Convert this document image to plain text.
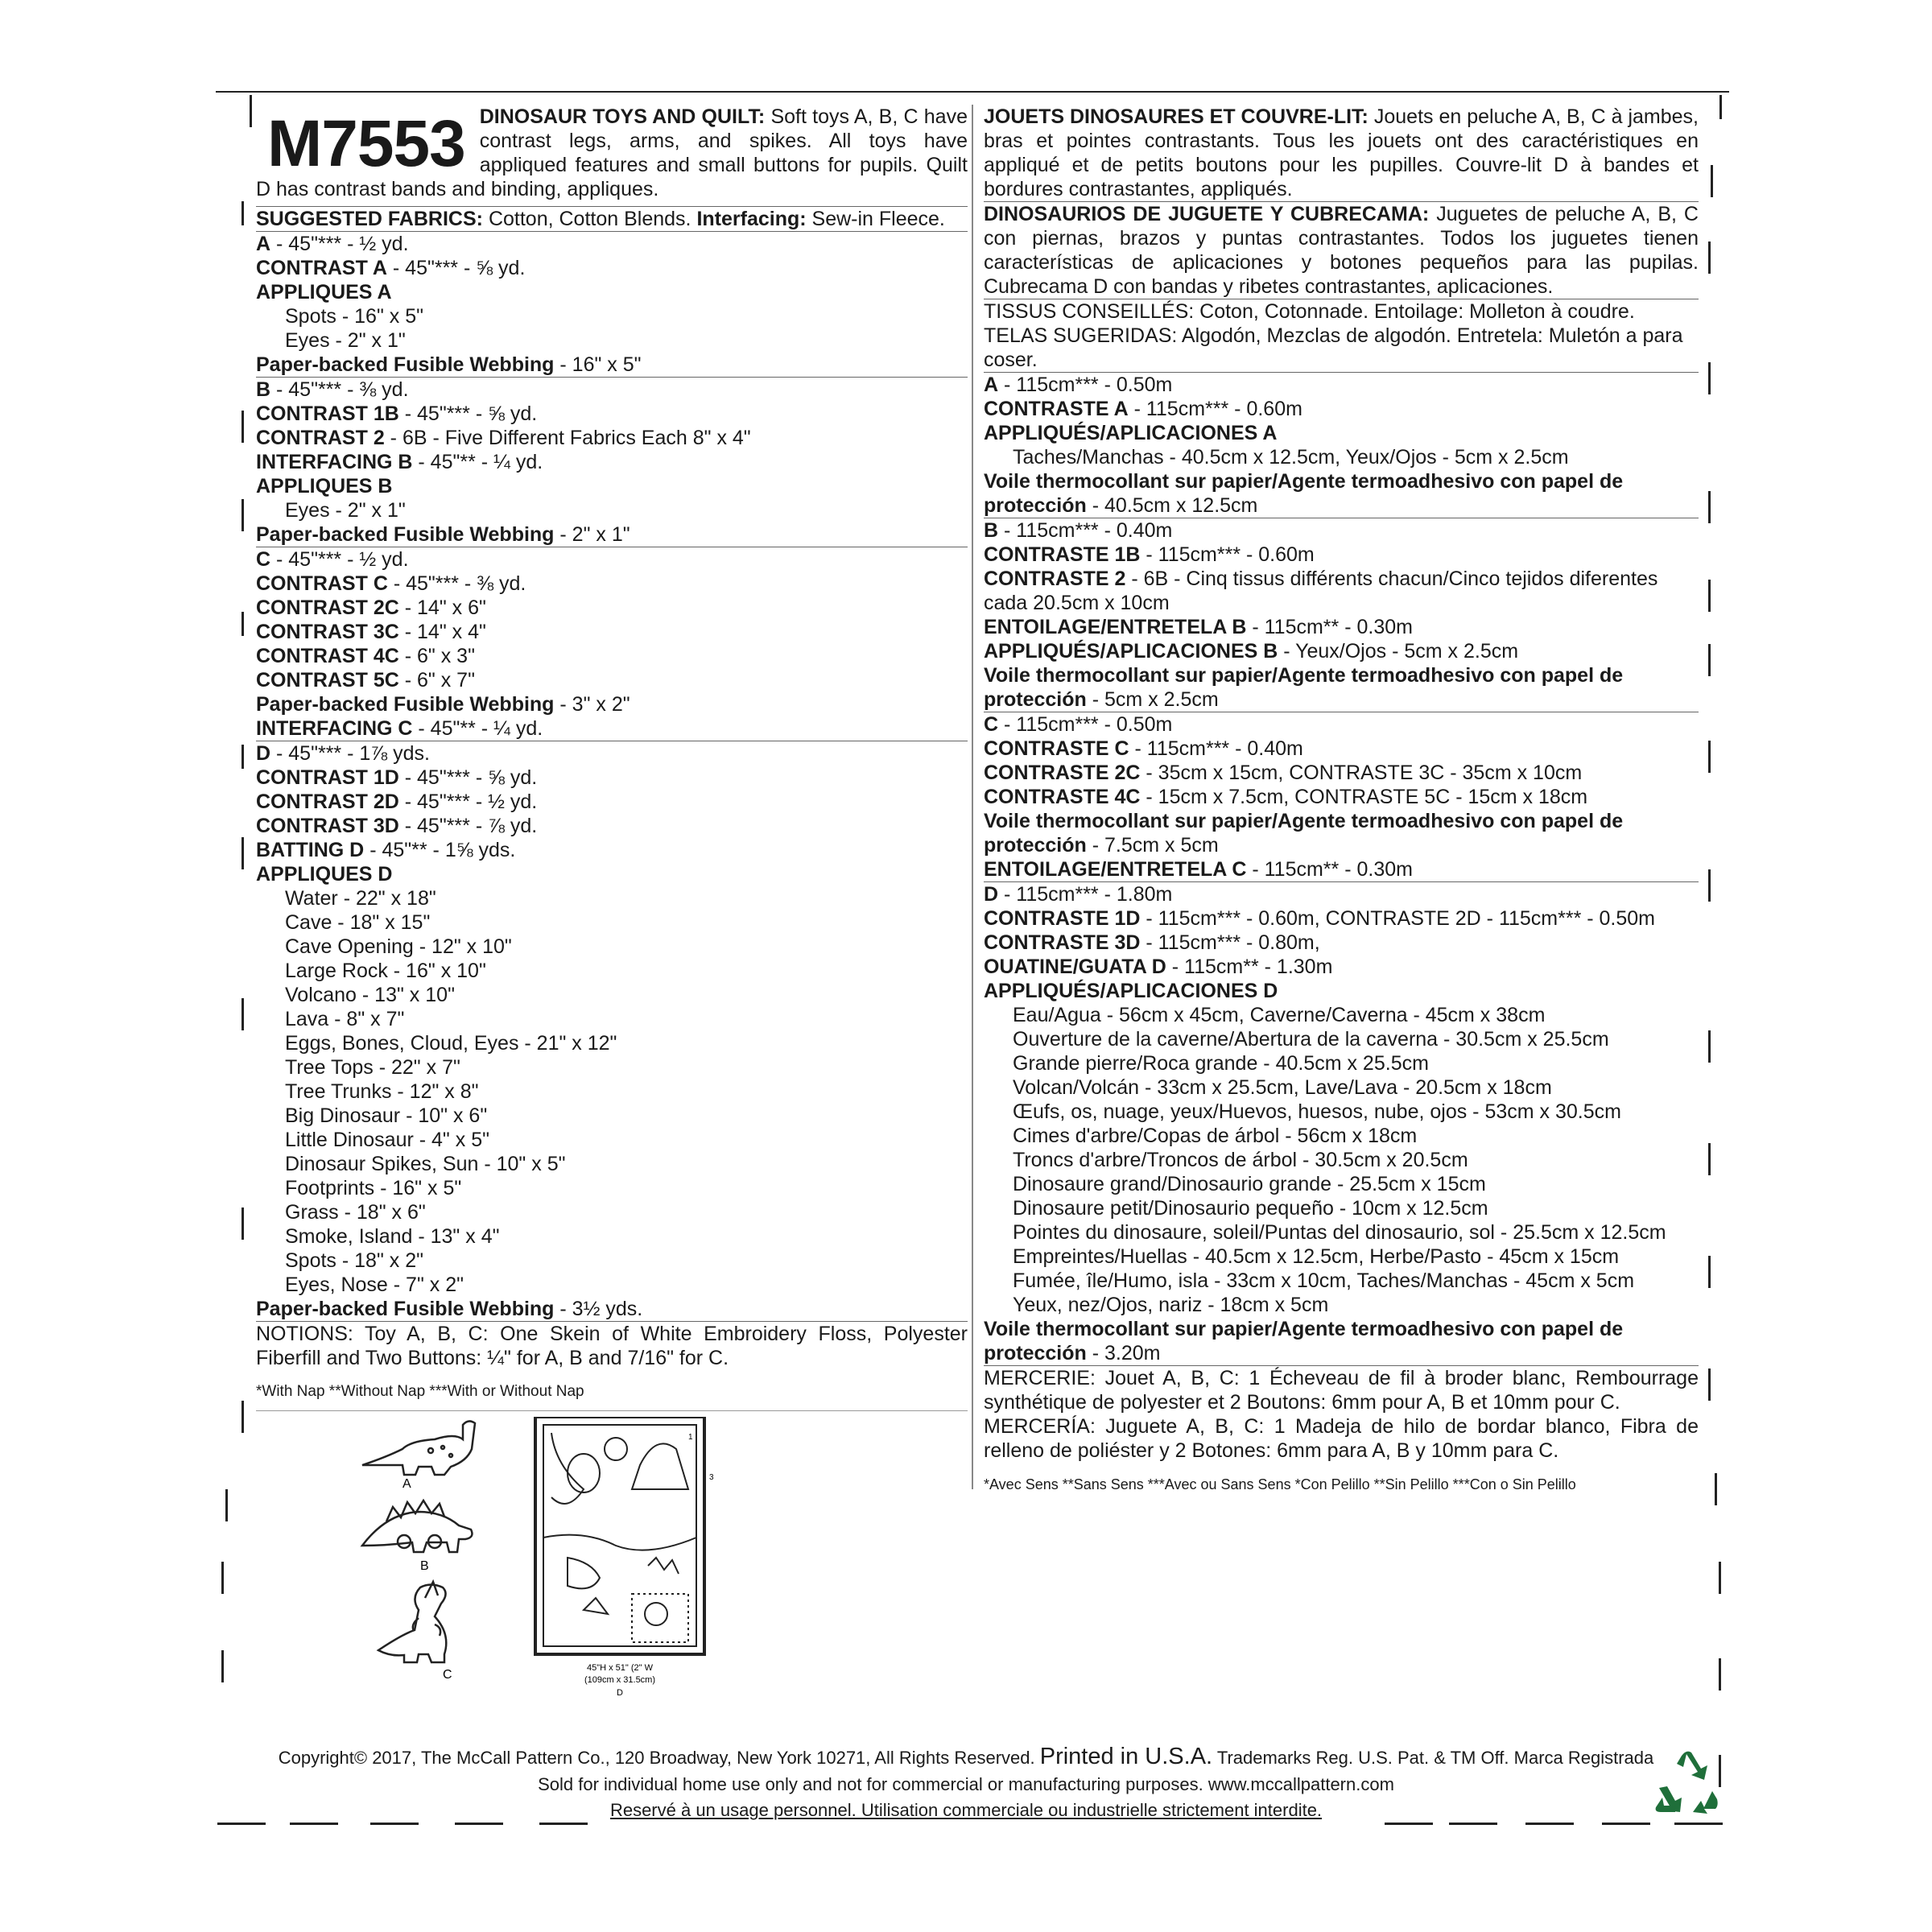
M7553 DINOSAUR TOYS AND QUILT: Soft toys A, B, C have contrast legs, arms, and spikes. All toys have appliqued features and small buttons for pupils. Quilt D has contrast bands and binding, appliques.
SUGGESTED FABRICS: Cotton, Cotton Blends. Interfacing: Sew-in Fleece.
A - 45"*** - ½ yd.
CONTRAST A - 45"*** - ⅝ yd.
APPLIQUES A
Spots - 16" x 5"
Eyes - 2" x 1"
Paper-backed Fusible Webbing - 16" x 5"
B - 45"*** - ⅜ yd.
CONTRAST 1B - 45"*** - ⅝ yd.
CONTRAST 2 - 6B - Five Different Fabrics Each 8" x 4"
INTERFACING B - 45"** - ¼ yd.
APPLIQUES B
Eyes - 2" x 1"
Paper-backed Fusible Webbing - 2" x 1"
C - 45"*** - ½ yd.
CONTRAST C - 45"*** - ⅜ yd.
CONTRAST 2C - 14" x 6"
CONTRAST 3C - 14" x 4"
CONTRAST 4C - 6" x 3"
CONTRAST 5C - 6" x 7"
Paper-backed Fusible Webbing - 3" x 2"
INTERFACING C - 45"** - ¼ yd.
D - 45"*** - 1⅞ yds.
CONTRAST 1D - 45"*** - ⅝ yd.
CONTRAST 2D - 45"*** - ½ yd.
CONTRAST 3D - 45"*** - ⅞ yd.
BATTING D - 45"** - 1⅝ yds.
APPLIQUES D
Water - 22" x 18"
Cave - 18" x 15"
Cave Opening - 12" x 10"
Large Rock - 16" x 10"
Volcano - 13" x 10"
Lava - 8" x 7"
Eggs, Bones, Cloud, Eyes - 21" x 12"
Tree Tops - 22" x 7"
Tree Trunks - 12" x 8"
Big Dinosaur - 10" x 6"
Little Dinosaur - 4" x 5"
Dinosaur Spikes, Sun - 10" x 5"
Footprints - 16" x 5"
Grass - 18" x 6"
Smoke, Island - 13" x 4"
Spots - 18" x 2"
Eyes, Nose - 7" x 2"
Paper-backed Fusible Webbing - 3½ yds.
NOTIONS: Toy A, B, C: One Skein of White Embroidery Floss, Polyester Fiberfill and Two Buttons: ¼" for A, B and 7/16" for C.
*With Nap **Without Nap ***With or Without Nap
JOUETS DINOSAURES ET COUVRE-LIT: Jouets en peluche A, B, C à jambes, bras et pointes contrastants. Tous les jouets ont des caractéristiques en appliqué et de petits boutons pour les pupilles. Couvre-lit D à bandes et bordures contrastantes, appliqués.
DINOSAURIOS DE JUGUETE Y CUBRECAMA: Juguetes de peluche A, B, C con piernas, brazos y puntas contrastantes. Todos los juguetes tienen características de aplicaciones y botones pequeños para las pupilas. Cubrecama D con bandas y ribetes contrastantes, aplicaciones.
TISSUS CONSEILLÉS: Coton, Cotonnade. Entoilage: Molleton à coudre.
TELAS SUGERIDAS: Algodón, Mezclas de algodón. Entretela: Muletón a para coser.
A - 115cm*** - 0.50m
CONTRASTE A - 115cm*** - 0.60m
APPLIQUÉS/APLICACIONES A
Taches/Manchas - 40.5cm x 12.5cm, Yeux/Ojos - 5cm x 2.5cm
Voile thermocollant sur papier/Agente termoadhesivo con papel de protección - 40.5cm x 12.5cm
B - 115cm*** - 0.40m
CONTRASTE 1B - 115cm*** - 0.60m
CONTRASTE 2 - 6B - Cinq tissus différents chacun/Cinco tejidos diferentes cada 20.5cm x 10cm
ENTOILAGE/ENTRETELA B - 115cm** - 0.30m
APPLIQUÉS/APLICACIONES B - Yeux/Ojos - 5cm x 2.5cm
Voile thermocollant sur papier/Agente termoadhesivo con papel de protección - 5cm x 2.5cm
C - 115cm*** - 0.50m
CONTRASTE C - 115cm*** - 0.40m
CONTRASTE 2C - 35cm x 15cm, CONTRASTE 3C - 35cm x 10cm
CONTRASTE 4C - 15cm x 7.5cm, CONTRASTE 5C - 15cm x 18cm
Voile thermocollant sur papier/Agente termoadhesivo con papel de protección - 7.5cm x 5cm
ENTOILAGE/ENTRETELA C - 115cm** - 0.30m
D - 115cm*** - 1.80m
CONTRASTE 1D - 115cm*** - 0.60m, CONTRASTE 2D - 115cm*** - 0.50m
CONTRASTE 3D - 115cm*** - 0.80m,
OUATINE/GUATA D - 115cm** - 1.30m
APPLIQUÉS/APLICACIONES D
Eau/Agua - 56cm x 45cm, Caverne/Caverna - 45cm x 38cm
Ouverture de la caverne/Abertura de la caverna - 30.5cm x 25.5cm
Grande pierre/Roca grande - 40.5cm x 25.5cm
Volcan/Volcán - 33cm x 25.5cm, Lave/Lava - 20.5cm x 18cm
Œufs, os, nuage, yeux/Huevos, huesos, nube, ojos - 53cm x 30.5cm
Cimes d'arbre/Copas de árbol - 56cm x 18cm
Troncs d'arbre/Troncos de árbol - 30.5cm x 20.5cm
Dinosaure grand/Dinosaurio grande - 25.5cm x 15cm
Dinosaure petit/Dinosaurio pequeño - 10cm x 12.5cm
Pointes du dinosaure, soleil/Puntas del dinosaurio, sol - 25.5cm x 12.5cm
Empreintes/Huellas - 40.5cm x 12.5cm, Herbe/Pasto - 45cm x 15cm
Fumée, île/Humo, isla - 33cm x 10cm, Taches/Manchas - 45cm x 5cm
Yeux, nez/Ojos, nariz - 18cm x 5cm
Voile thermocollant sur papier/Agente termoadhesivo con papel de protección - 3.20m
MERCERIE: Jouet A, B, C: 1 Écheveau de fil à broder blanc, Rembourrage synthétique de polyester et 2 Boutons: 6mm pour A, B et 10mm pour C.
MERCERÍA: Juguete A, B, C: 1 Madeja de hilo de bordar blanco, Fibra de relleno de poliéster y 2 Botones: 6mm para A, B y 10mm para C.
*Avec Sens **Sans Sens ***Avec ou Sans Sens *Con Pelillo **Sin Pelillo ***Con o Sin Pelillo
A
B
C
1
3
45"H x 51" (2" W
(109cm x 31.5cm)
D
Copyright© 2017, The McCall Pattern Co., 120 Broadway, New York 10271, All Rights Reserved. Printed in U.S.A. Trademarks Reg. U.S. Pat. & TM Off. Marca Registrada
Sold for individual home use only and not for commercial or manufacturing purposes. www.mccallpattern.com
Reservé à un usage personnel. Utilisation commerciale ou industrielle strictement interdite.
